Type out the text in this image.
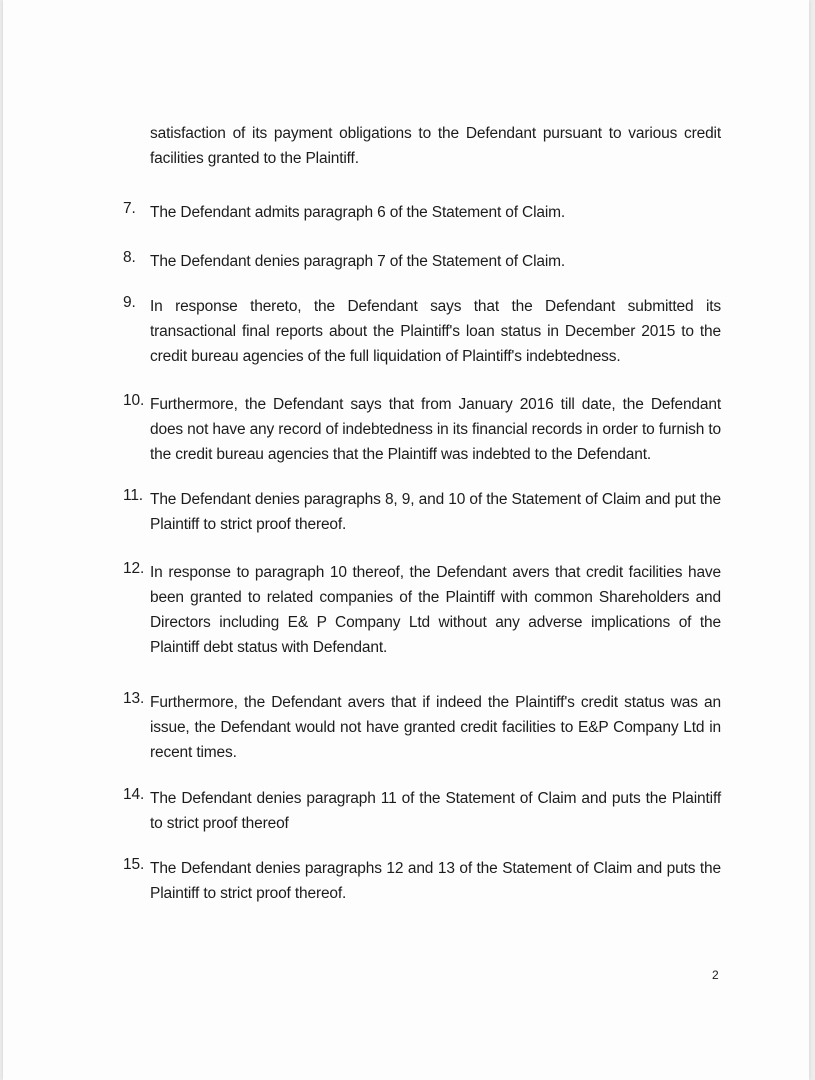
satisfaction of its payment obligations to the Defendant pursuant to various credit facilities granted to the Plaintiff.
7. The Defendant admits paragraph 6 of the Statement of Claim.
8. The Defendant denies paragraph 7 of the Statement of Claim.
9. In response thereto, the Defendant says that the Defendant submitted its transactional final reports about the Plaintiff's loan status in December 2015 to the credit bureau agencies of the full liquidation of Plaintiff's indebtedness.
10. Furthermore, the Defendant says that from January 2016 till date, the Defendant does not have any record of indebtedness in its financial records in order to furnish to the credit bureau agencies that the Plaintiff was indebted to the Defendant.
11. The Defendant denies paragraphs 8, 9, and 10 of the Statement of Claim and put the Plaintiff to strict proof thereof.
12. In response to paragraph 10 thereof, the Defendant avers that credit facilities have been granted to related companies of the Plaintiff with common Shareholders and Directors including E& P Company Ltd without any adverse implications of the Plaintiff debt status with Defendant.
13. Furthermore, the Defendant avers that if indeed the Plaintiff's credit status was an issue, the Defendant would not have granted credit facilities to E&P Company Ltd in recent times.
14. The Defendant denies paragraph 11 of the Statement of Claim and puts the Plaintiff to strict proof thereof
15. The Defendant denies paragraphs 12 and 13 of the Statement of Claim and puts the Plaintiff to strict proof thereof.
2
